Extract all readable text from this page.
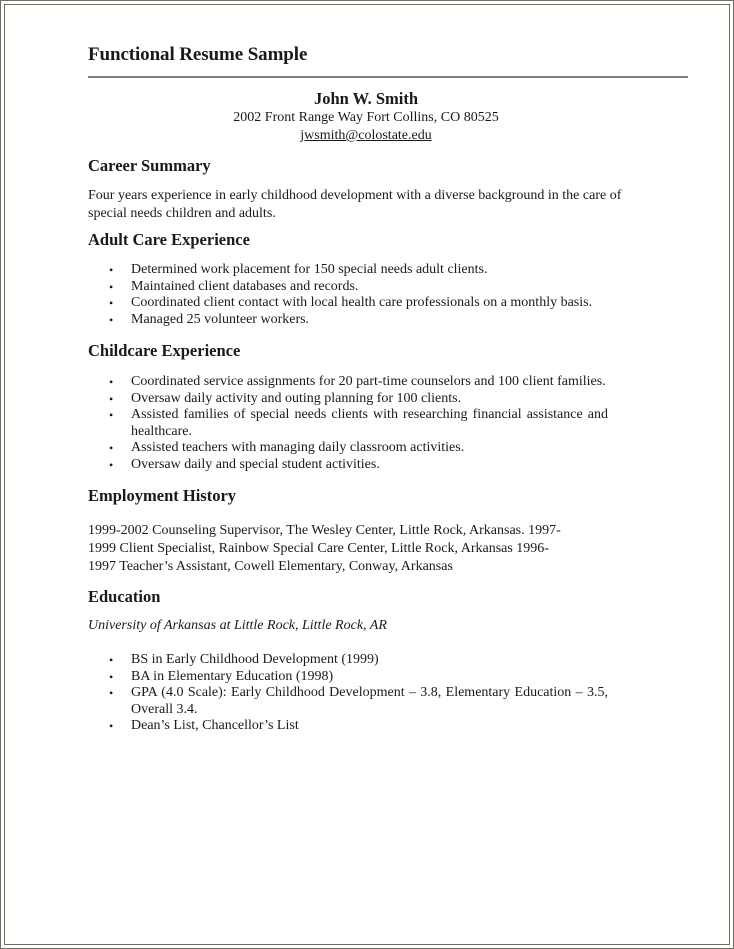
Functional Resume Sample
John W. Smith
2002 Front Range Way Fort Collins, CO 80525
jwsmith@colostate.edu
Career Summary

Four years experience in early childhood development with a diverse background in the care of special needs children and adults.

Adult Care Experience
• Determined work placement for 150 special needs adult clients.
• Maintained client databases and records.
• Coordinated client contact with local health care professionals on a monthly basis.
• Managed 25 volunteer workers.
Childcare Experience
• Coordinated service assignments for 20 part-time counselors and 100 client families.
• Oversaw daily activity and outing planning for 100 clients.
• Assisted families of special needs clients with researching financial assistance and healthcare.
• Assisted teachers with managing daily classroom activities.
• Oversaw daily and special student activities.
Employment History
1999-2002 Counseling Supervisor, The Wesley Center, Little Rock, Arkansas. 1997-
1999 Client Specialist, Rainbow Special Care Center, Little Rock, Arkansas 1996-
1997 Teacher’s Assistant, Cowell Elementary, Conway, Arkansas
Education

University of Arkansas at Little Rock, Little Rock, AR

• BS in Early Childhood Development (1999)
• BA in Elementary Education (1998)
• GPA (4.0 Scale): Early Childhood Development – 3.8, Elementary Education – 3.5, Overall 3.4.
• Dean’s List, Chancellor’s List
